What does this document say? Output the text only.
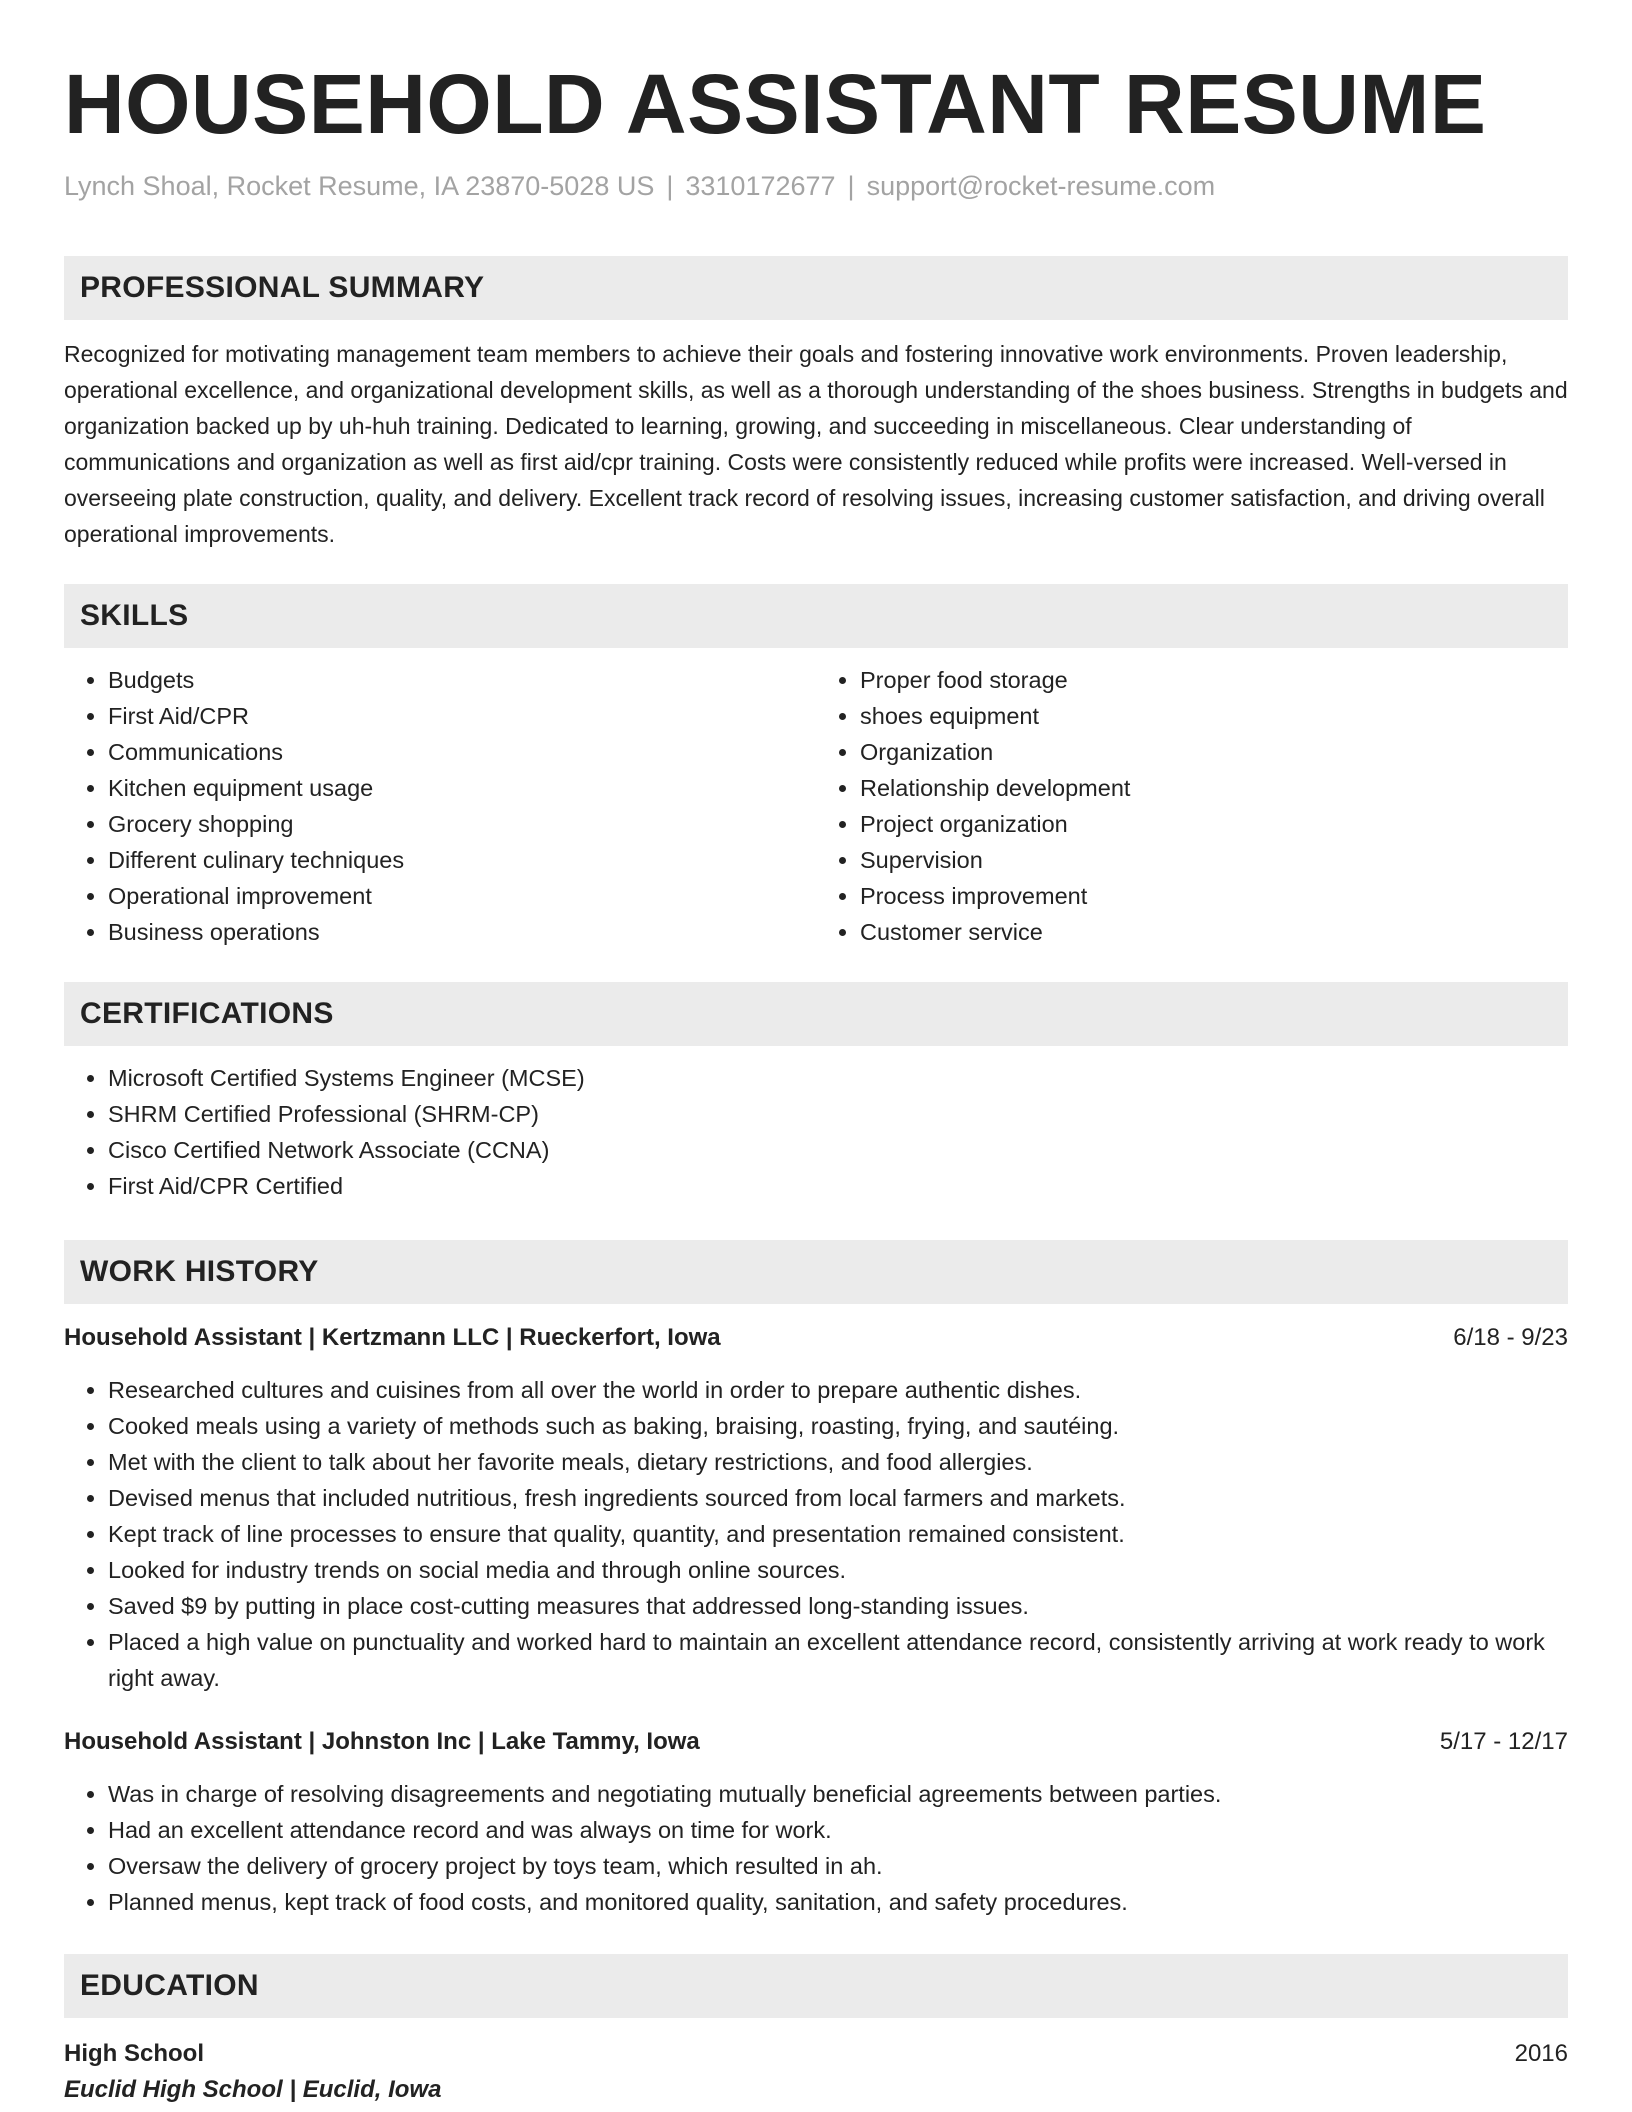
HOUSEHOLD ASSISTANT RESUME
Lynch Shoal, Rocket Resume, IA 23870-5028 US | 3310172677 | support@rocket-resume.com
PROFESSIONAL SUMMARY

Recognized for motivating management team members to achieve their goals and fostering innovative work environments. Proven leadership, operational excellence, and organizational development skills, as well as a thorough understanding of the shoes business. Strengths in budgets and organization backed up by uh-huh training. Dedicated to learning, growing, and succeeding in miscellaneous. Clear understanding of communications and organization as well as first aid/cpr training. Costs were consistently reduced while profits were increased. Well-versed in overseeing plate construction, quality, and delivery. Excellent track record of resolving issues, increasing customer satisfaction, and driving overall operational improvements.

SKILLS
• Budgets
• First Aid/CPR
• Communications
• Kitchen equipment usage
• Grocery shopping
• Different culinary techniques
• Operational improvement
• Business operations
• Proper food storage
• shoes equipment
• Organization
• Relationship development
• Project organization
• Supervision
• Process improvement
• Customer service
CERTIFICATIONS
• Microsoft Certified Systems Engineer (MCSE)
• SHRM Certified Professional (SHRM-CP)
• Cisco Certified Network Associate (CCNA)
• First Aid/CPR Certified
WORK HISTORY
Household Assistant | Kertzmann LLC | Rueckerfort, Iowa	6/18 - 9/23
• Researched cultures and cuisines from all over the world in order to prepare authentic dishes.
• Cooked meals using a variety of methods such as baking, braising, roasting, frying, and sautéing.
• Met with the client to talk about her favorite meals, dietary restrictions, and food allergies.
• Devised menus that included nutritious, fresh ingredients sourced from local farmers and markets.
• Kept track of line processes to ensure that quality, quantity, and presentation remained consistent.
• Looked for industry trends on social media and through online sources.
• Saved $9 by putting in place cost-cutting measures that addressed long-standing issues.
• Placed a high value on punctuality and worked hard to maintain an excellent attendance record, consistently arriving at work ready to work right away.
Household Assistant | Johnston Inc | Lake Tammy, Iowa	5/17 - 12/17
• Was in charge of resolving disagreements and negotiating mutually beneficial agreements between parties.
• Had an excellent attendance record and was always on time for work.
• Oversaw the delivery of grocery project by toys team, which resulted in ah.
• Planned menus, kept track of food costs, and monitored quality, sanitation, and safety procedures.
EDUCATION
High School	2016
Euclid High School | Euclid, Iowa
